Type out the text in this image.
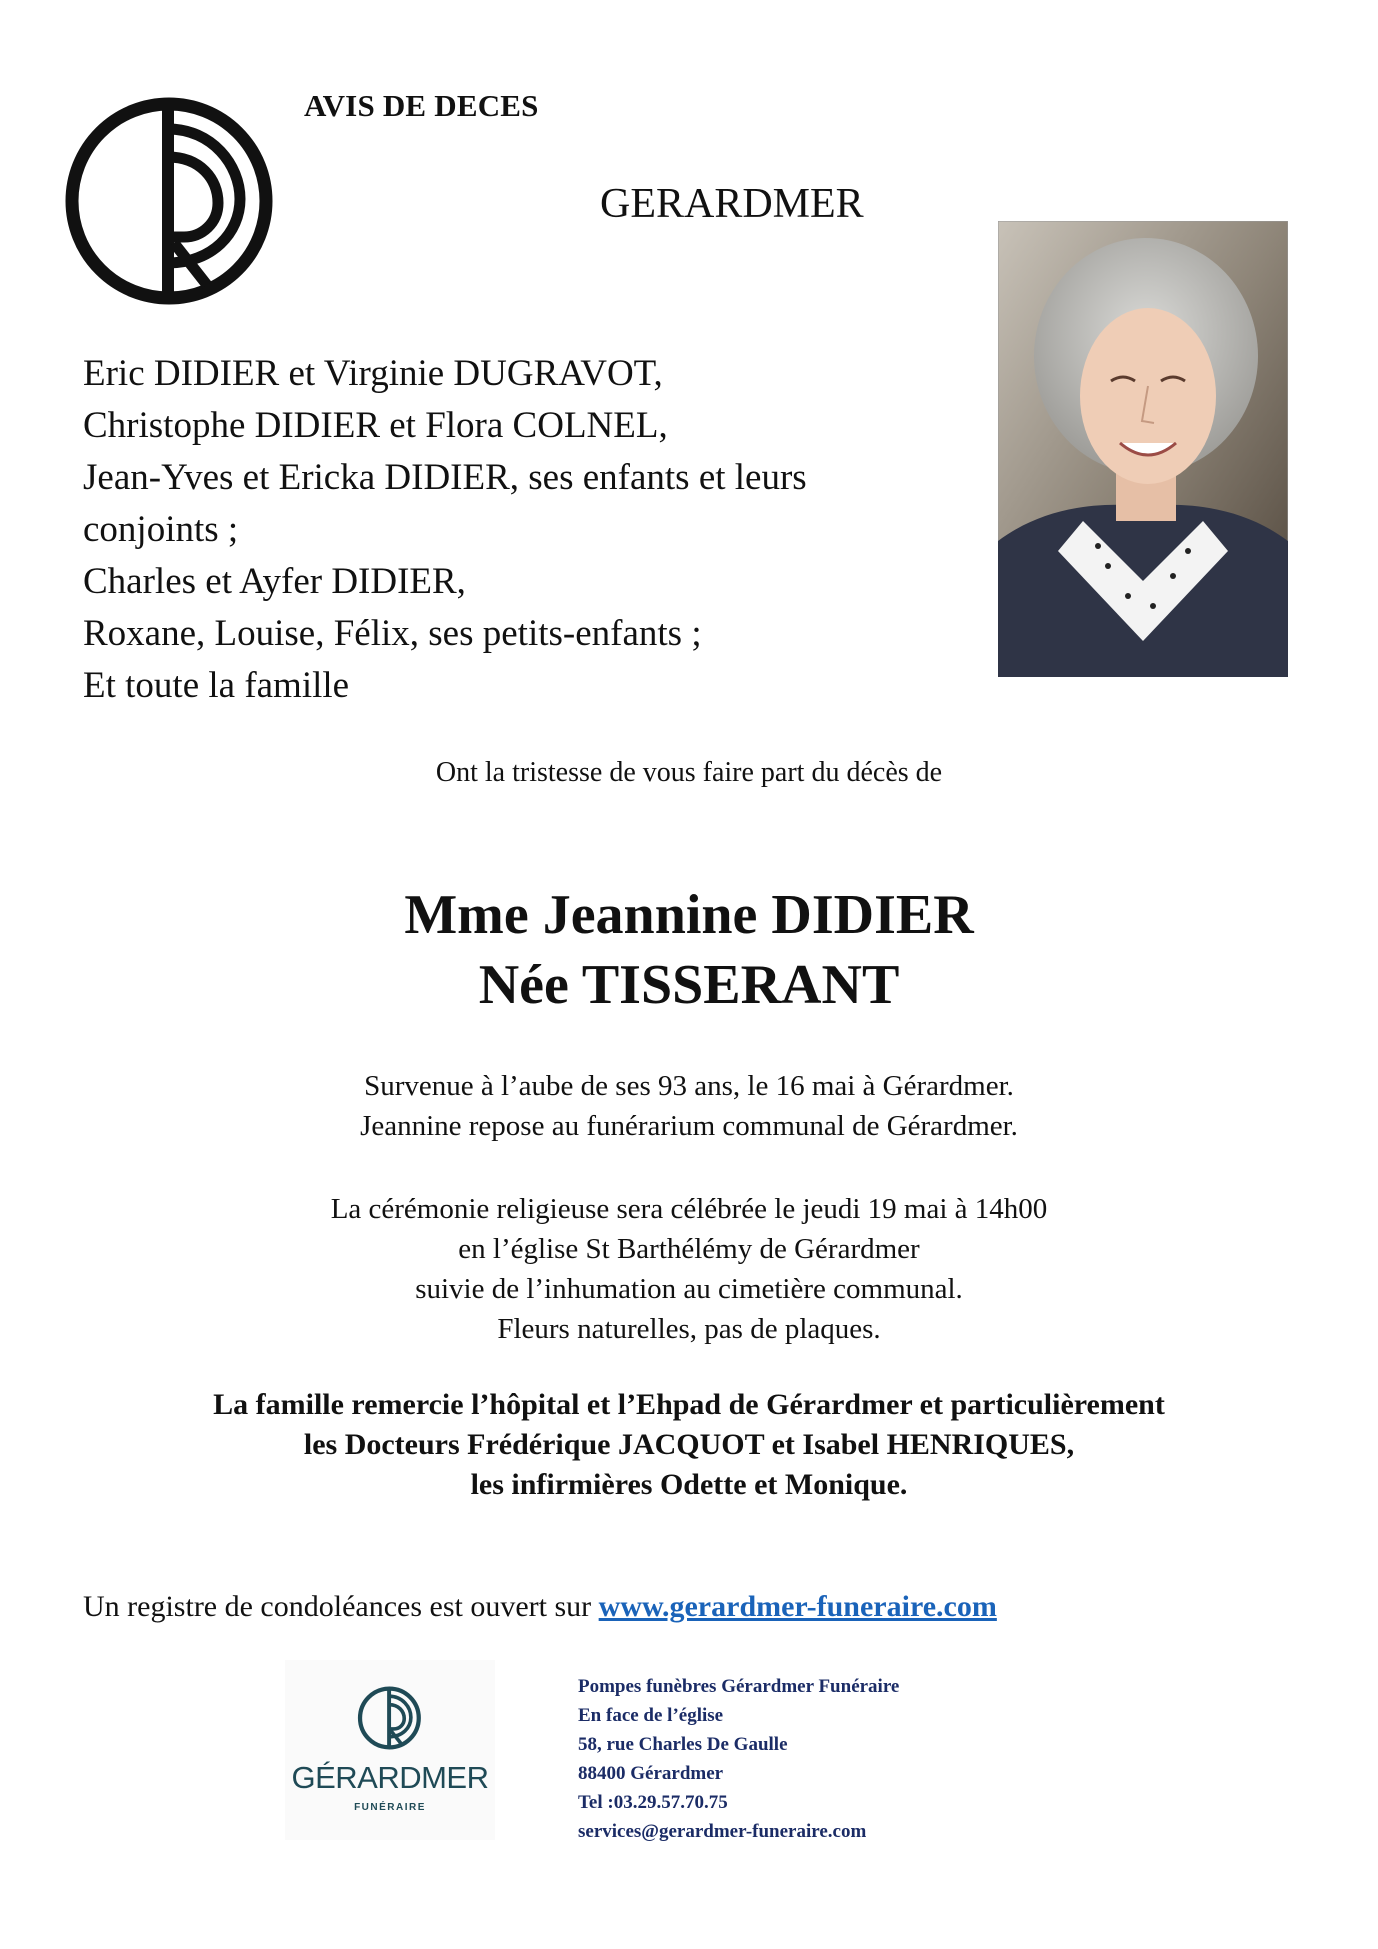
AVIS DE DECES
GERARDMER
Eric DIDIER et Virginie DUGRAVOT,
Christophe DIDIER et Flora COLNEL,
Jean-Yves et Ericka DIDIER, ses enfants et leurs
conjoints ;
Charles et Ayfer DIDIER,
Roxane, Louise, Félix, ses petits-enfants ;
Et toute la famille
Ont la tristesse de vous faire part du décès de
Mme Jeannine DIDIER
Née TISSERANT
Survenue à l’aube de ses 93 ans, le 16 mai à Gérardmer.
Jeannine repose au funérarium communal de Gérardmer.
La cérémonie religieuse sera célébrée le jeudi 19 mai à 14h00
en l’église St Barthélémy de Gérardmer
suivie de l’inhumation au cimetière communal.
Fleurs naturelles, pas de plaques.
La famille remercie l’hôpital et l’Ehpad de Gérardmer et particulièrement
les Docteurs Frédérique JACQUOT et Isabel HENRIQUES,
les infirmières Odette et Monique.
Un registre de condoléances est ouvert sur www.gerardmer-funeraire.com
GÉRARDMER
FUNÉRAIRE
Pompes funèbres Gérardmer Funéraire
En face de l’église
58, rue Charles De Gaulle
88400 Gérardmer
Tel :03.29.57.70.75
services@gerardmer-funeraire.com
